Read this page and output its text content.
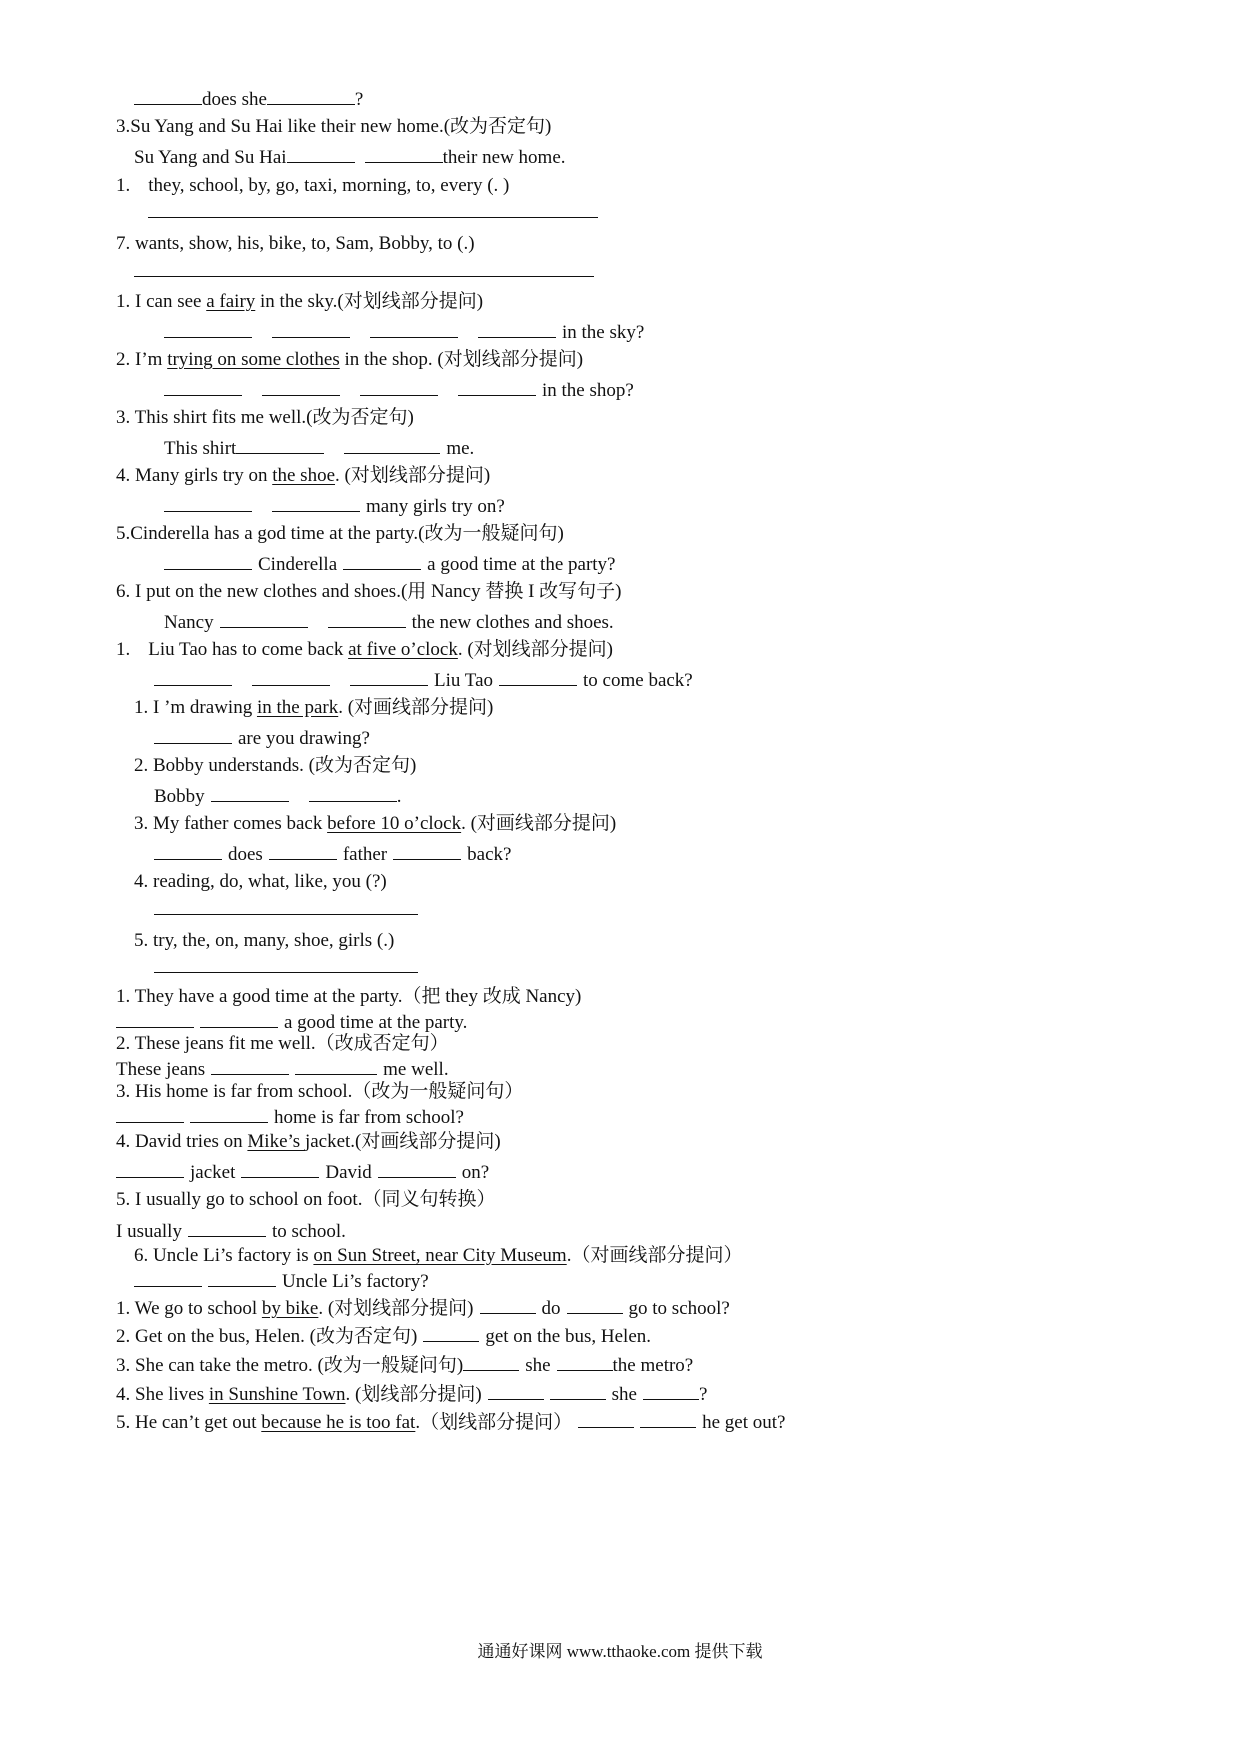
does she	?
3.Su Yang and Su Hai like their new home.(改为否定句)
Su Yang and Su Hai	their new home.
1. they, school, by, go, taxi, morning, to, every (. )
7. wants, show, his, bike, to, Sam, Bobby, to (.)
1. I can see a fairy in the sky.(对划线部分提问)
in the sky?
2. I’m trying on some clothes in the shop. (对划线部分提问)
in the shop?
3. This shirt fits me well.(改为否定句)
This shirt	me.
4. Many girls try on the shoe. (对划线部分提问)
many girls try on?
5.Cinderella has a god time at the party.(改为一般疑问句)
Cinderella	a good time at the party?
6. I put on the new clothes and shoes.(用 Nancy 替换 I 改写句子)
Nancy	the new clothes and shoes.
1. Liu Tao has to come back at five o’clock. (对划线部分提问)
Liu Tao	to come back?
1. I ’m drawing in the park. (对画线部分提问)
are you drawing?
2. Bobby understands. (改为否定句)
Bobby	.
3. My father comes back before 10 o’clock. (对画线部分提问)
does	father	back?
4. reading, do, what, like, you (?)
5. try, the, on, many, shoe, girls (.)
1. They have a good time at the party.（把 they 改成 Nancy)
a good time at the party.
2. These jeans fit me well.（改成否定句）
These jeans	me well.
3. His home is far from school.（改为一般疑问句）
home is far from school?
4. David tries on Mike’s jacket.(对画线部分提问)
jacket	David	on?
5. I usually go to school on foot.（同义句转换）
I usually	to school.
6. Uncle Li’s factory is on Sun Street, near City Museum.（对画线部分提问）
Uncle Li’s factory?
1. We go to school by bike. (对划线部分提问)	do	go to school?
2. Get on the bus, Helen. (改为否定句)	get on the bus, Helen.
3. She can take the metro. (改为一般疑问句)	she	the metro?
4. She lives in Sunshine Town. (划线部分提问)	she	?
5. He can’t get out because he is too fat.（划线部分提问）	he get out?
通通好课网 www.tthaoke.com 提供下载
